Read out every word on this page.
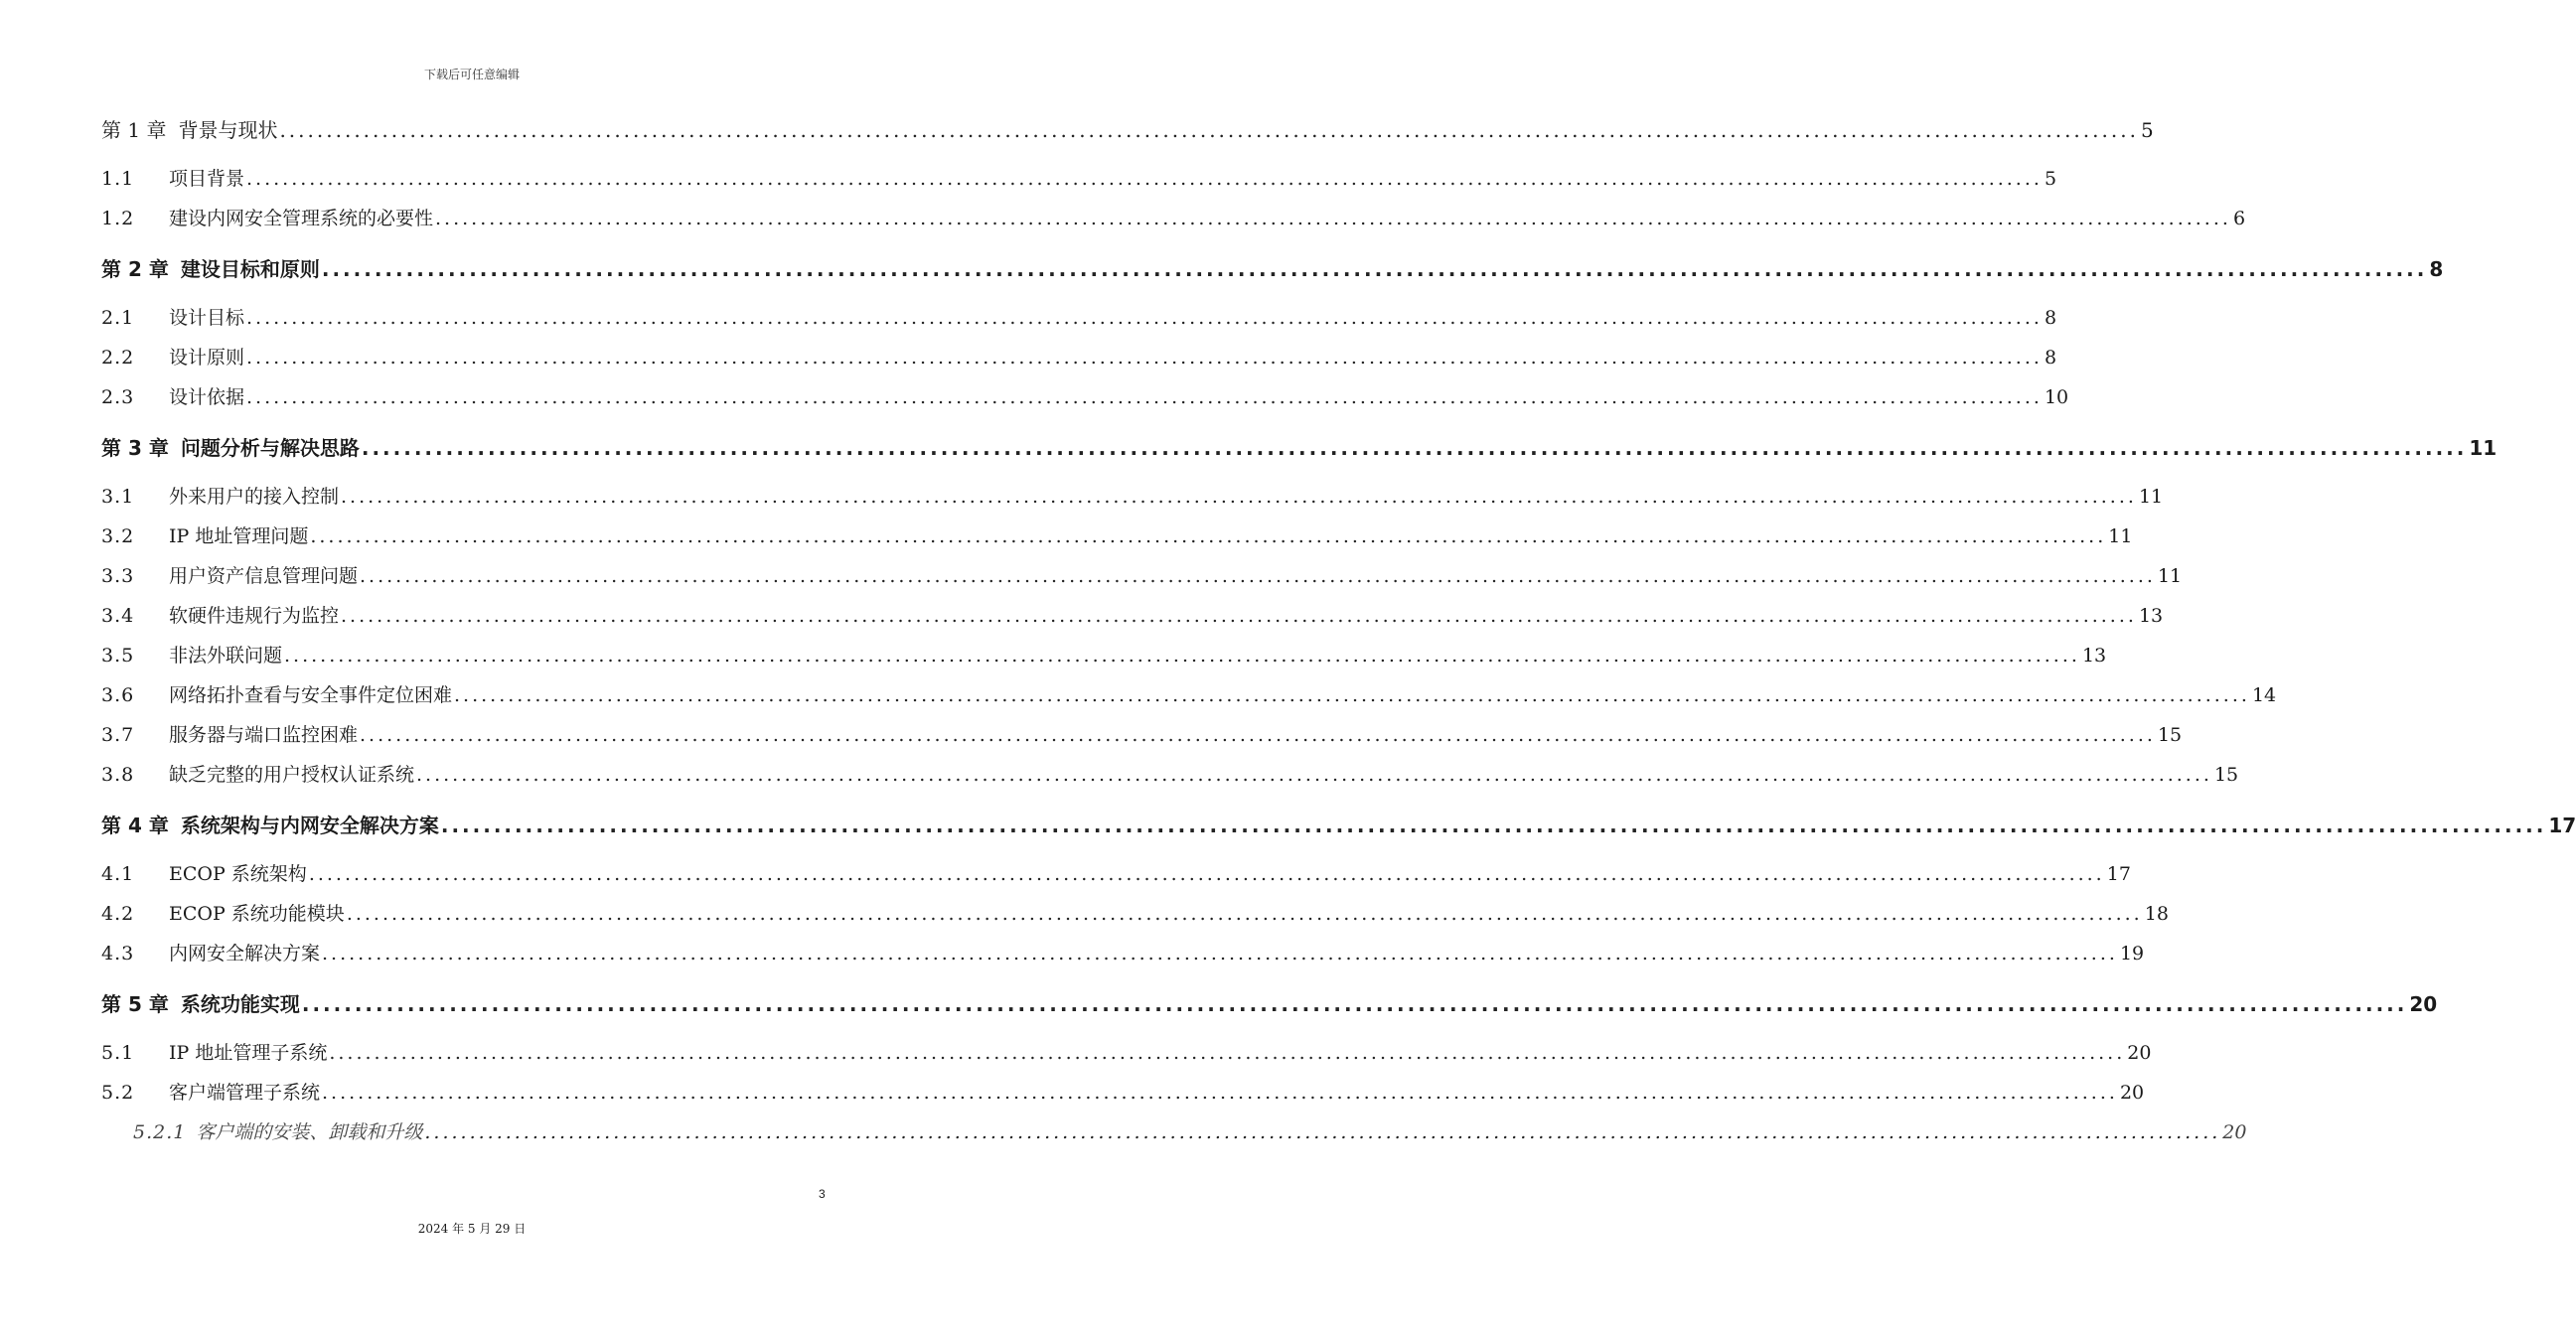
下载后可任意编辑
第 1 章 背景与现状 ........................................................................................................................................................................................................ 5
1.1 项目背景 ........................................................................................................................................................................................................ 5
1.2 建设内网安全管理系统的必要性 ........................................................................................................................................................................................................ 6
第 2 章 建设目标和原则 ........................................................................................................................................................................................................ 8
2.1 设计目标 ........................................................................................................................................................................................................ 8
2.2 设计原则 ........................................................................................................................................................................................................ 8
2.3 设计依据 ........................................................................................................................................................................................................ 10
第 3 章 问题分析与解决思路 ........................................................................................................................................................................................................ 11
3.1 外来用户的接入控制 ........................................................................................................................................................................................................ 11
3.2 IP 地址管理问题 ........................................................................................................................................................................................................ 11
3.3 用户资产信息管理问题 ........................................................................................................................................................................................................ 11
3.4 软硬件违规行为监控 ........................................................................................................................................................................................................ 13
3.5 非法外联问题 ........................................................................................................................................................................................................ 13
3.6 网络拓扑查看与安全事件定位困难 ........................................................................................................................................................................................................ 14
3.7 服务器与端口监控困难 ........................................................................................................................................................................................................ 15
3.8 缺乏完整的用户授权认证系统 ........................................................................................................................................................................................................ 15
第 4 章 系统架构与内网安全解决方案 ........................................................................................................................................................................................................ 17
4.1 ECOP 系统架构 ........................................................................................................................................................................................................ 17
4.2 ECOP 系统功能模块 ........................................................................................................................................................................................................ 18
4.3 内网安全解决方案 ........................................................................................................................................................................................................ 19
第 5 章 系统功能实现 ........................................................................................................................................................................................................ 20
5.1 IP 地址管理子系统 ........................................................................................................................................................................................................ 20
5.2 客户端管理子系统 ........................................................................................................................................................................................................ 20
5.2.1 客户端的安装、卸载和升级 ........................................................................................................................................................................................................ 20
3
2024 年 5 月 29 日
